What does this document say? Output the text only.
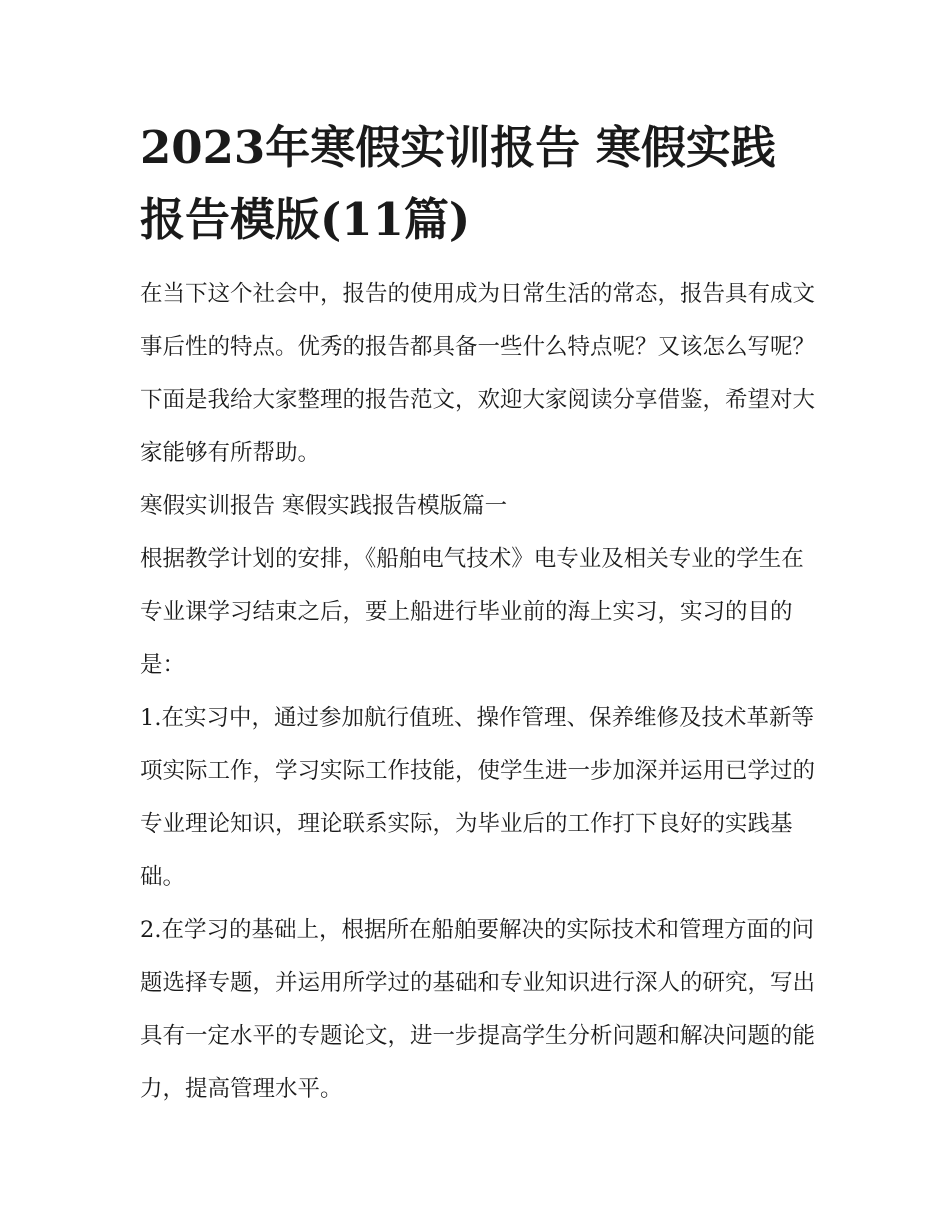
2023年寒假实训报告 寒假实践报告模版(11篇)

在当下这个社会中，报告的使用成为日常生活的常态，报告具有成文事后性的特点。优秀的报告都具备一些什么特点呢？又该怎么写呢？下面是我给大家整理的报告范文，欢迎大家阅读分享借鉴，希望对大家能够有所帮助。

寒假实训报告 寒假实践报告模版篇一

根据教学计划的安排，《船舶电气技术》电专业及相关专业的学生在专业课学习结束之后，要上船进行毕业前的海上实习，实习的目的是：

1.在实习中，通过参加航行值班、操作管理、保养维修及技术革新等项实际工作，学习实际工作技能，使学生进一步加深并运用已学过的专业理论知识，理论联系实际，为毕业后的工作打下良好的实践基础。

2.在学习的基础上，根据所在船舶要解决的实际技术和管理方面的问题选择专题，并运用所学过的基础和专业知识进行深人的研究，写出具有一定水平的专题论文，进一步提高学生分析问题和解决问题的能力，提高管理水平。
